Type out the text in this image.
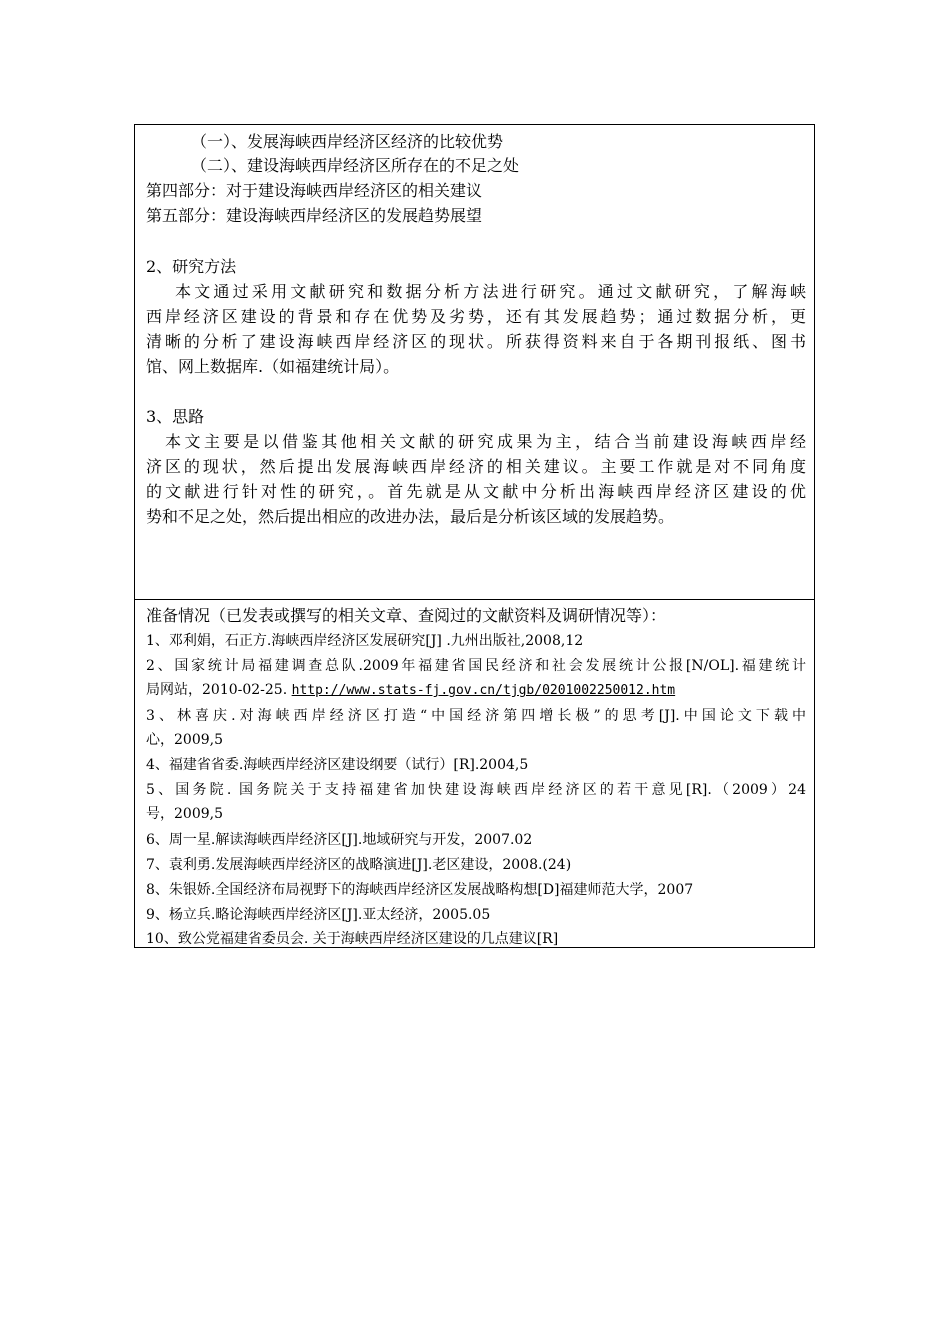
（一）、发展海峡西岸经济区经济的比较优势
（二）、建设海峡西岸经济区所存在的不足之处
第四部分：对于建设海峡西岸经济区的相关建议
第五部分：建设海峡西岸经济区的发展趋势展望
2、研究方法
本文通过采用文献研究和数据分析方法进行研究。通过文献研究，了解海峡
西岸经济区建设的背景和存在优势及劣势，还有其发展趋势；通过数据分析，更
清晰的分析了建设海峡西岸经济区的现状。所获得资料来自于各期刊报纸、图书
馆、网上数据库.（如福建统计局）。
3、思路
本文主要是以借鉴其他相关文献的研究成果为主，结合当前建设海峡西岸经
济区的现状，然后提出发展海峡西岸经济的相关建议。主要工作就是对不同角度
的文献进行针对性的研究，。首先就是从文献中分析出海峡西岸经济区建设的优
势和不足之处，然后提出相应的改进办法，最后是分析该区域的发展趋势。
准备情况（已发表或撰写的相关文章、查阅过的文献资料及调研情况等）：
1、邓利娟，石正方.海峡西岸经济区发展研究[J] .九州出版社,2008,12
2、国家统计局福建调查总队.2009年福建省国民经济和社会发展统计公报[N/OL].福建统计
局网站，2010-02-25. http://www.stats-fj.gov.cn/tjgb/0201002250012.htm
3、林喜庆.对海峡西岸经济区打造“中国经济第四增长极”的思考[J].中国论文下载中
心，2009,5
4、福建省省委.海峡西岸经济区建设纲要（试行）[R].2004,5
5、国务院. 国务院关于支持福建省加快建设海峡西岸经济区的若干意见[R].（2009）24
号，2009,5
6、周一星.解读海峡西岸经济区[J].地域研究与开发，2007.02
7、袁利勇.发展海峡西岸经济区的战略演进[J].老区建设，2008.(24)
8、朱银娇.全国经济布局视野下的海峡西岸经济区发展战略构想[D]福建师范大学，2007
9、杨立兵.略论海峡西岸经济区[J].亚太经济，2005.05
10、致公党福建省委员会. 关于海峡西岸经济区建设的几点建议[R]
